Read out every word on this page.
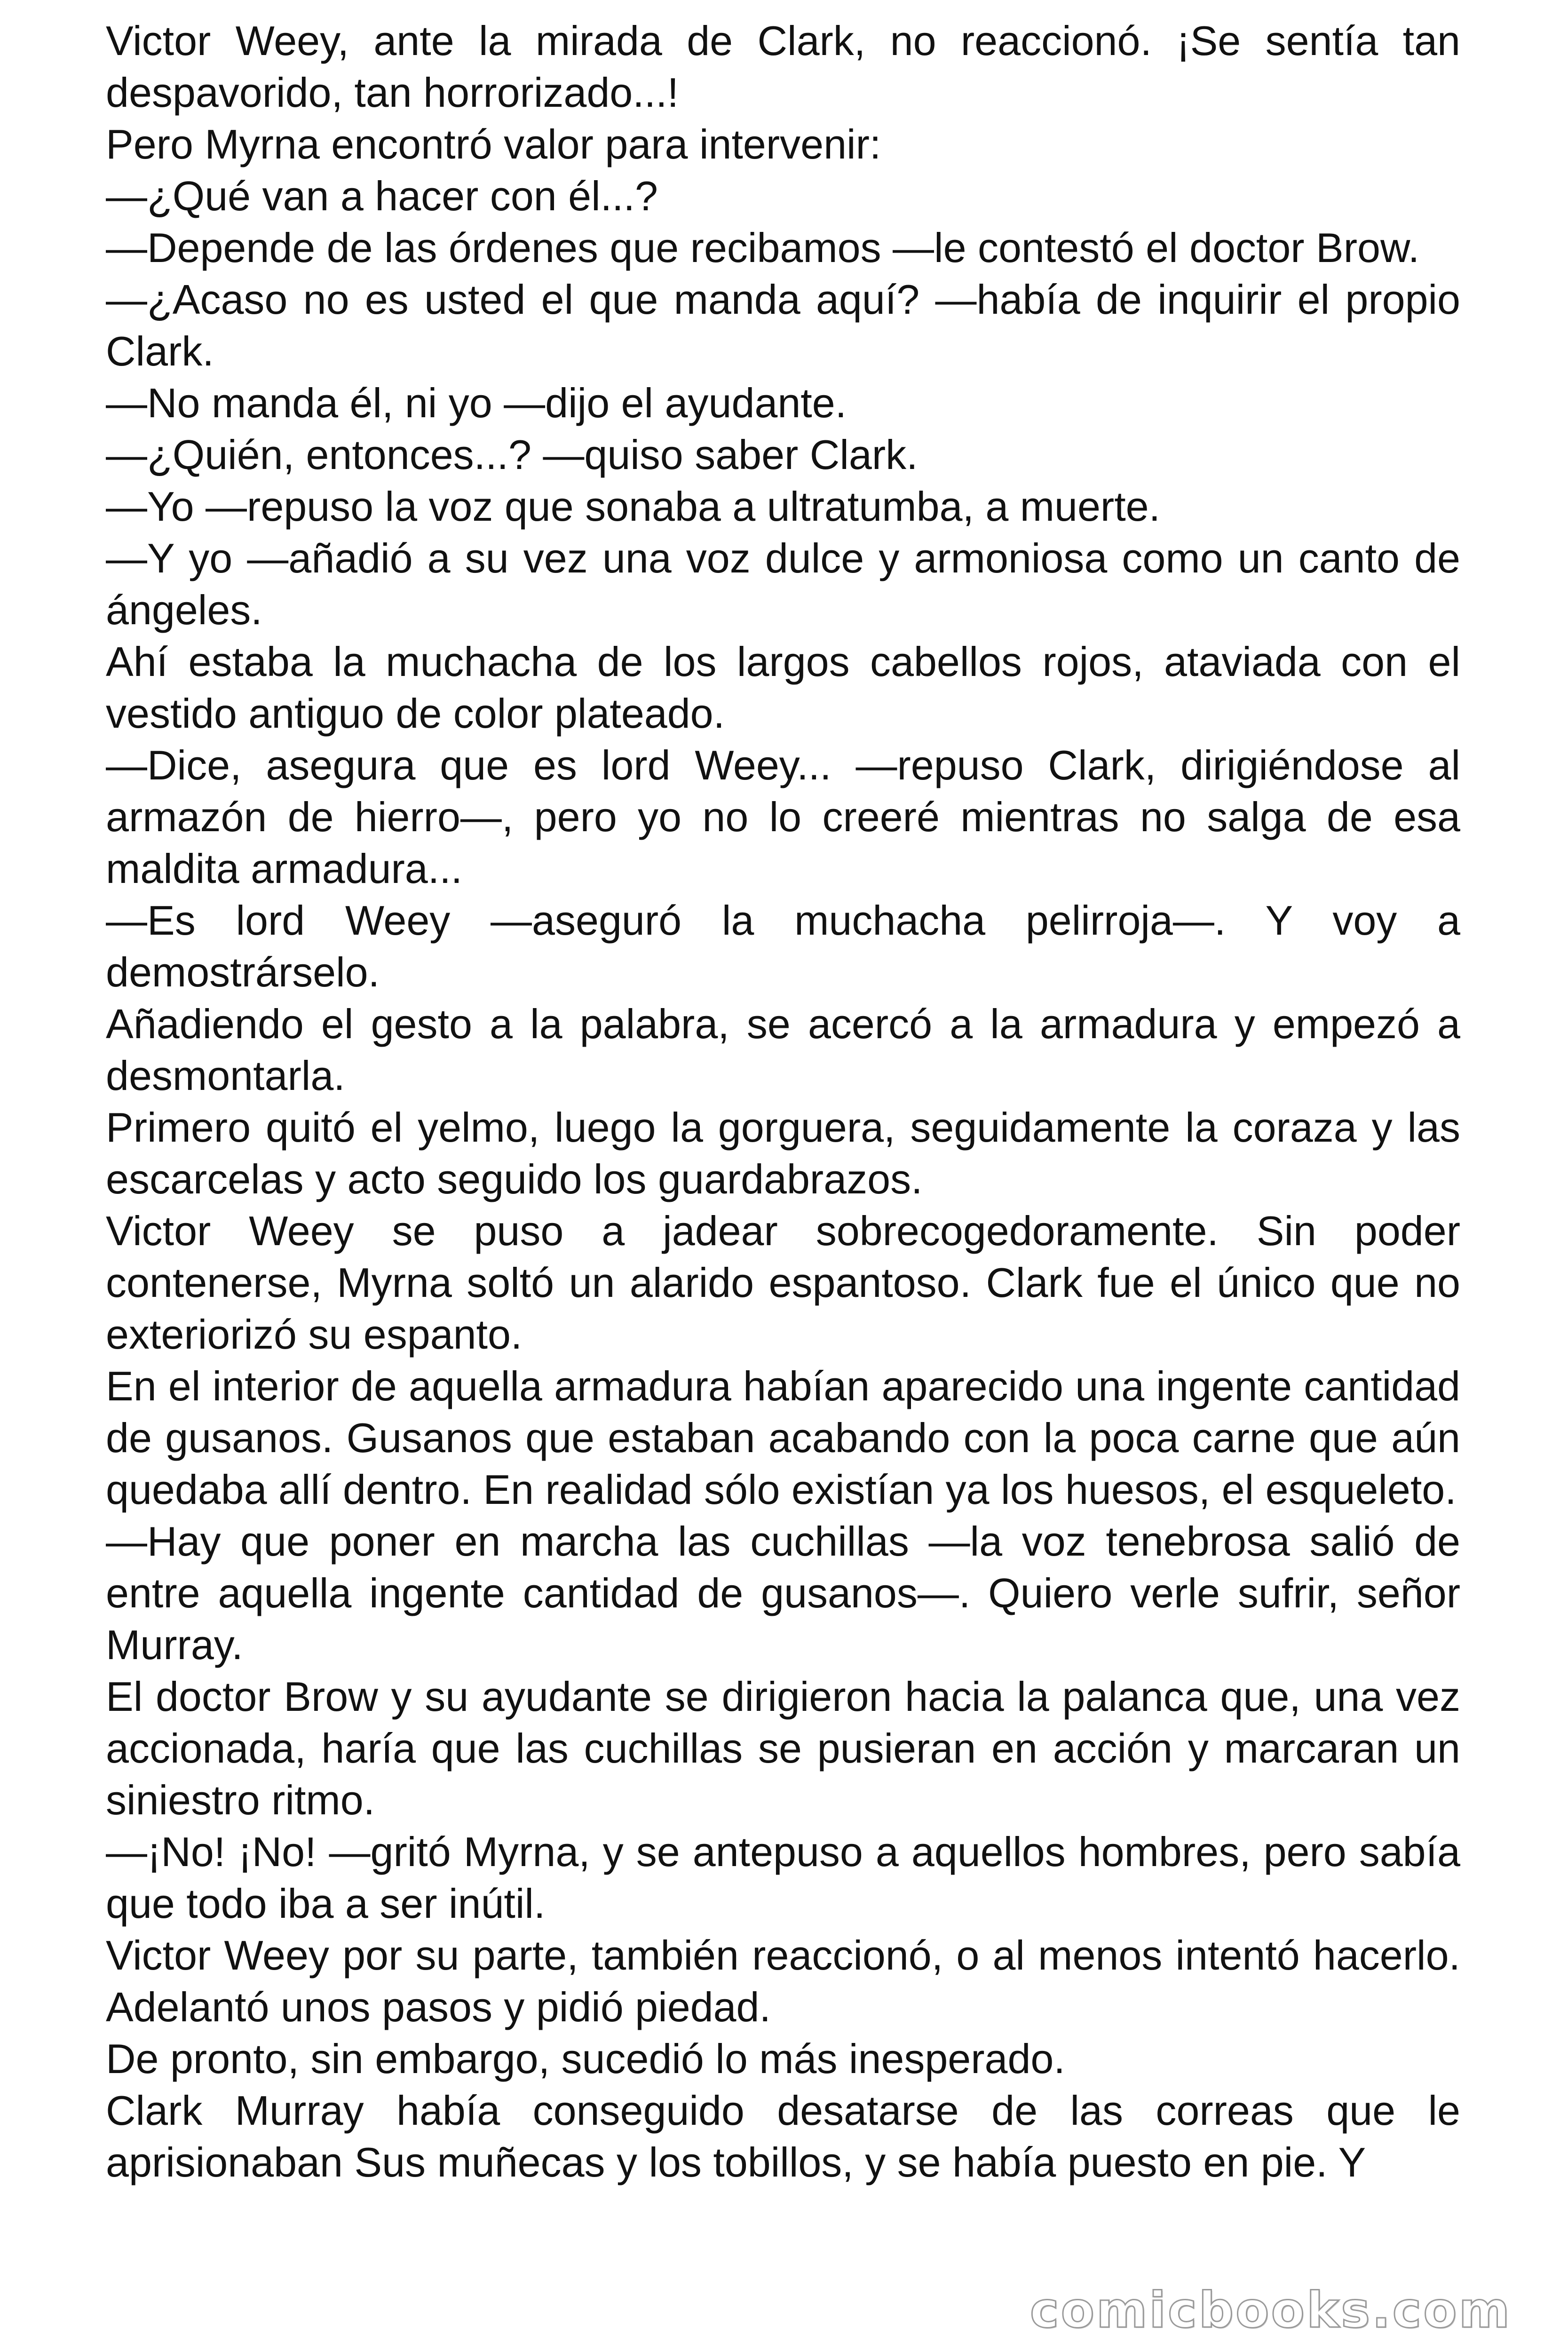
Victor Weey, ante la mirada de Clark, no reaccionó. ¡Se sentía tan despavorido, tan horrorizado...!

Pero Myrna encontró valor para intervenir:

—¿Qué van a hacer con él...?

—Depende de las órdenes que recibamos —le contestó el doctor Brow.

—¿Acaso no es usted el que manda aquí? —había de inquirir el propio Clark.

—No manda él, ni yo —dijo el ayudante.

—¿Quién, entonces...? —quiso saber Clark.

—Yo —repuso la voz que sonaba a ultratumba, a muerte.

—Y yo —añadió a su vez una voz dulce y armoniosa como un canto de ángeles.

Ahí estaba la muchacha de los largos cabellos rojos, ataviada con el vestido antiguo de color plateado.

—Dice, asegura que es lord Weey... —repuso Clark, dirigiéndose al armazón de hierro—, pero yo no lo creeré mientras no salga de esa maldita armadura...

—Es lord Weey —aseguró la muchacha pelirroja—. Y voy a demostrárselo.

Añadiendo el gesto a la palabra, se acercó a la armadura y empezó a desmontarla.

Primero quitó el yelmo, luego la gorguera, seguidamente la coraza y las escarcelas y acto seguido los guardabrazos.

Victor Weey se puso a jadear sobrecogedoramente. Sin poder contenerse, Myrna soltó un alarido espantoso. Clark fue el único que no exteriorizó su espanto.

En el interior de aquella armadura habían aparecido una ingente cantidad de gusanos. Gusanos que estaban acabando con la poca carne que aún quedaba allí dentro. En realidad sólo existían ya los huesos, el esqueleto.

—Hay que poner en marcha las cuchillas —la voz tenebrosa salió de entre aquella ingente cantidad de gusanos—. Quiero verle sufrir, señor Murray.

El doctor Brow y su ayudante se dirigieron hacia la palanca que, una vez accionada, haría que las cuchillas se pusieran en acción y marcaran un siniestro ritmo.

—¡No! ¡No! —gritó Myrna, y se antepuso a aquellos hombres, pero sabía que todo iba a ser inútil.

Victor Weey por su parte, también reaccionó, o al menos intentó hacerlo. Adelantó unos pasos y pidió piedad.

De pronto, sin embargo, sucedió lo más inesperado.

Clark Murray había conseguido desatarse de las correas que le aprisionaban Sus muñecas y los tobillos, y se había puesto en pie. Y

comicbooks.com
